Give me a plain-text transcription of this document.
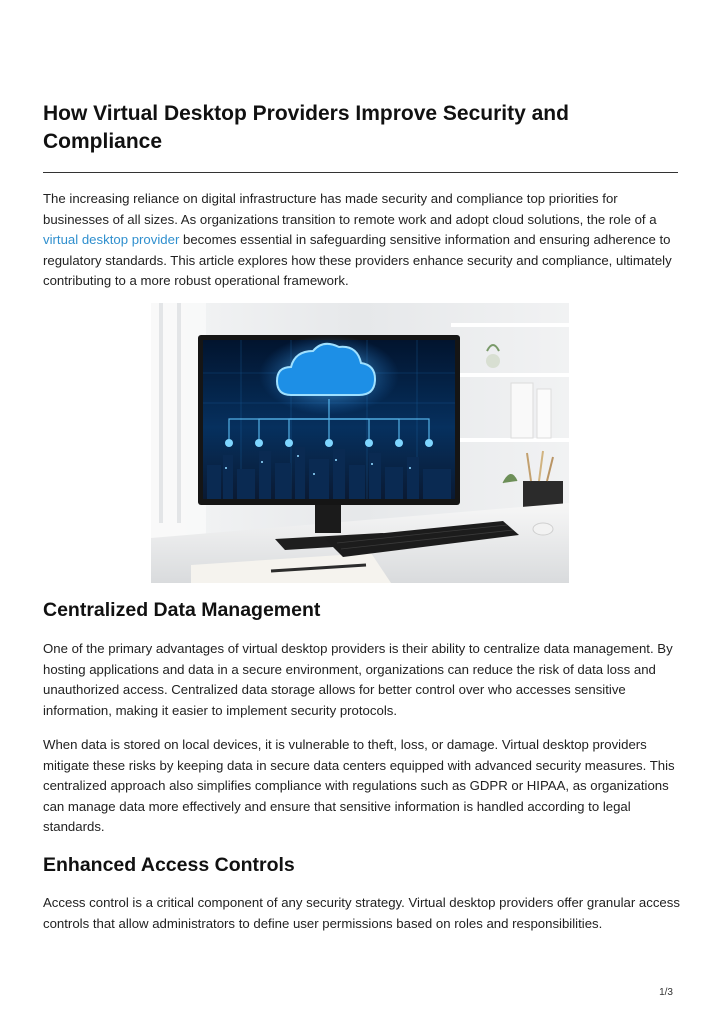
How Virtual Desktop Providers Improve Security and Compliance

The increasing reliance on digital infrastructure has made security and compliance top priorities for businesses of all sizes. As organizations transition to remote work and adopt cloud solutions, the role of a virtual desktop provider becomes essential in safeguarding sensitive information and ensuring adherence to regulatory standards. This article explores how these providers enhance security and compliance, ultimately contributing to a more robust operational framework.

Centralized Data Management

One of the primary advantages of virtual desktop providers is their ability to centralize data management. By hosting applications and data in a secure environment, organizations can reduce the risk of data loss and unauthorized access. Centralized data storage allows for better control over who accesses sensitive information, making it easier to implement security protocols.

When data is stored on local devices, it is vulnerable to theft, loss, or damage. Virtual desktop providers mitigate these risks by keeping data in secure data centers equipped with advanced security measures. This centralized approach also simplifies compliance with regulations such as GDPR or HIPAA, as organizations can manage data more effectively and ensure that sensitive information is handled according to legal standards.

Enhanced Access Controls

Access control is a critical component of any security strategy. Virtual desktop providers offer granular access controls that allow administrators to define user permissions based on roles and responsibilities.

1/3
